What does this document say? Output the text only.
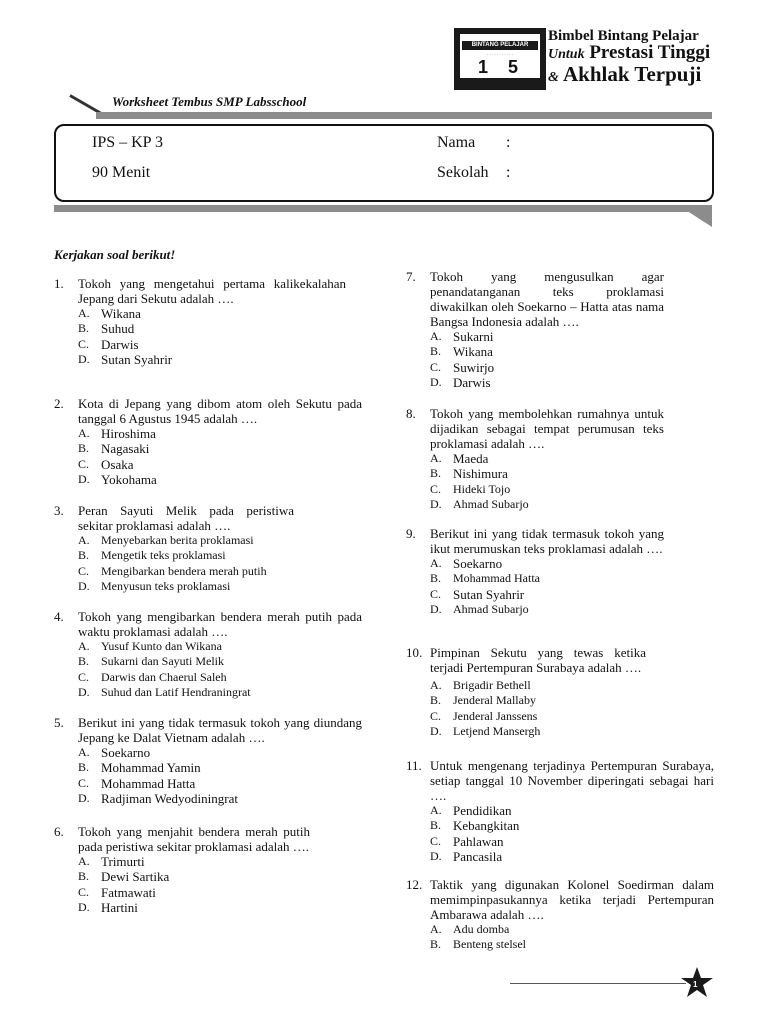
BINTANG PELAJAR
· · · · · · · · · · ·
1 5
Bimbel Bintang Pelajar
Untuk Prestasi Tinggi
& Akhlak Terpuji
Worksheet Tembus SMP Labsschool
IPS – KP 3
90 Menit
Nama :
Sekolah :
Kerjakan soal berikut!
1.	Tokoh yang mengetahui pertama kalikekalahan Jepang dari Sekutu adalah ….
A. Wikana
B. Suhud
C. Darwis
D. Sutan Syahrir
2.	Kota di Jepang yang dibom atom oleh Sekutu pada tanggal 6 Agustus 1945 adalah ….
A. Hiroshima
B. Nagasaki
C. Osaka
D. Yokohama
3.	Peran Sayuti Melik pada peristiwa sekitar proklamasi adalah ….
A. Menyebarkan berita proklamasi
B. Mengetik teks proklamasi
C. Mengibarkan bendera merah putih
D. Menyusun teks proklamasi
4.	Tokoh yang mengibarkan bendera merah putih pada waktu proklamasi adalah ….
A. Yusuf Kunto dan Wikana
B. Sukarni dan Sayuti Melik
C. Darwis dan Chaerul Saleh
D. Suhud dan Latif Hendraningrat
5.	Berikut ini yang tidak termasuk tokoh yang diundang Jepang ke Dalat Vietnam adalah ….
A. Soekarno
B. Mohammad Yamin
C. Mohammad Hatta
D. Radjiman Wedyodiningrat
6.	Tokoh yang menjahit bendera merah putih pada peristiwa sekitar proklamasi adalah ….
A. Trimurti
B. Dewi Sartika
C. Fatmawati
D. Hartini
7.	Tokoh yang mengusulkan agar penandatanganan teks proklamasi diwakilkan oleh Soekarno – Hatta atas nama Bangsa Indonesia adalah ….
A. Sukarni
B. Wikana
C. Suwirjo
D. Darwis
8.	Tokoh yang membolehkan rumahnya untuk dijadikan sebagai tempat perumusan teks proklamasi adalah ….
A. Maeda
B. Nishimura
C. Hideki Tojo
D. Ahmad Subarjo
9.	Berikut ini yang tidak termasuk tokoh yang ikut merumuskan teks proklamasi adalah ….
A. Soekarno
B. Mohammad Hatta
C. Sutan Syahrir
D. Ahmad Subarjo
10. Pimpinan Sekutu yang tewas ketika terjadi Pertempuran Surabaya adalah ….
A. Brigadir Bethell
B. Jenderal Mallaby
C. Jenderal Janssens
D. Letjend Mansergh
11. Untuk mengenang terjadinya Pertempuran Surabaya, setiap tanggal 10 November diperingati sebagai hari ….
A. Pendidikan
B. Kebangkitan
C. Pahlawan
D. Pancasila
12. Taktik yang digunakan Kolonel Soedirman dalam memimpinpasukannya ketika terjadi Pertempuran Ambarawa adalah ….
A. Adu domba
B. Benteng stelsel
1
